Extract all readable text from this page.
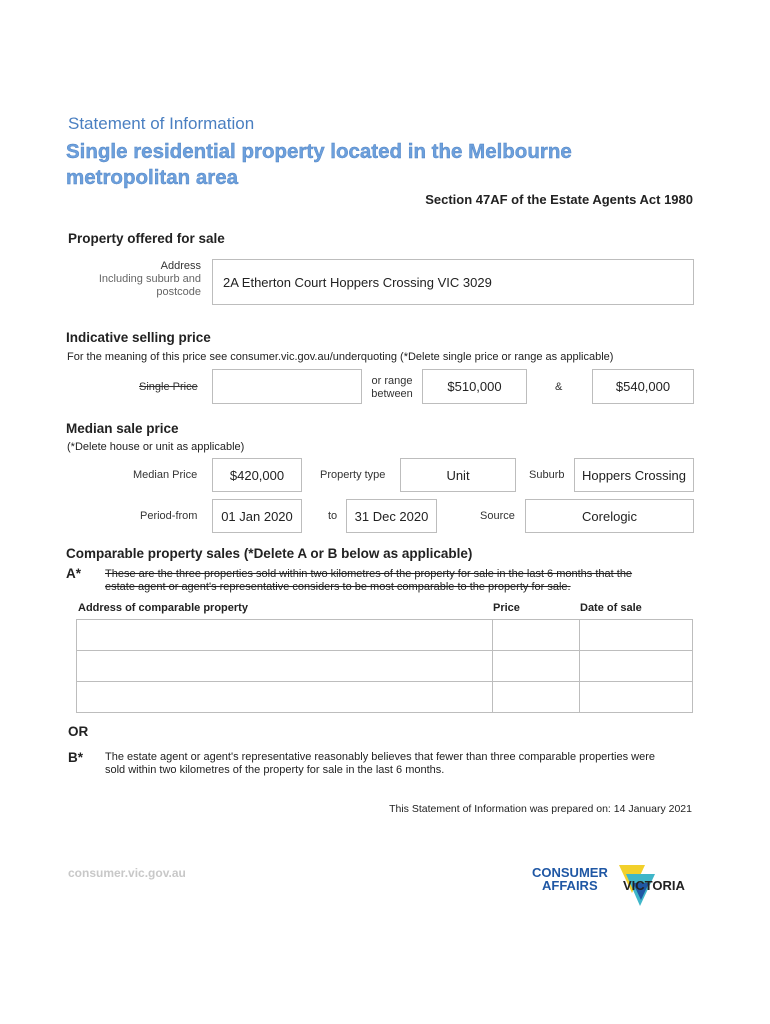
Statement of Information
Single residential property located in the Melbourne metropolitan area
Section 47AF of the Estate Agents Act 1980
Property offered for sale
Address
Including suburb and
postcode
2A Etherton Court Hoppers Crossing VIC 3029
Indicative selling price
For the meaning of this price see consumer.vic.gov.au/underquoting (*Delete single price or range as applicable)
Single Price	or range
between	$510,000	&	$540,000
Median sale price
(*Delete house or unit as applicable)
Median Price	$420,000	Property type	Unit	Suburb Hoppers Crossing
Period-from 01 Jan 2020	to 31 Dec 2020	Source	Corelogic
Comparable property sales (*Delete A or B below as applicable)
A* These are the three properties sold within two kilometres of the property for sale in the last 6 months that the
estate agent or agent's representative considers to be most comparable to the property for sale.
Address of comparable property	Price	Date of sale

OR
B* The estate agent or agent's representative reasonably believes that fewer than three comparable properties were
sold within two kilometres of the property for sale in the last 6 months.
This Statement of Information was prepared on: 14 January 2021
consumer.vic.gov.au	CONSUMER
AFFAIRS VICTORIA
